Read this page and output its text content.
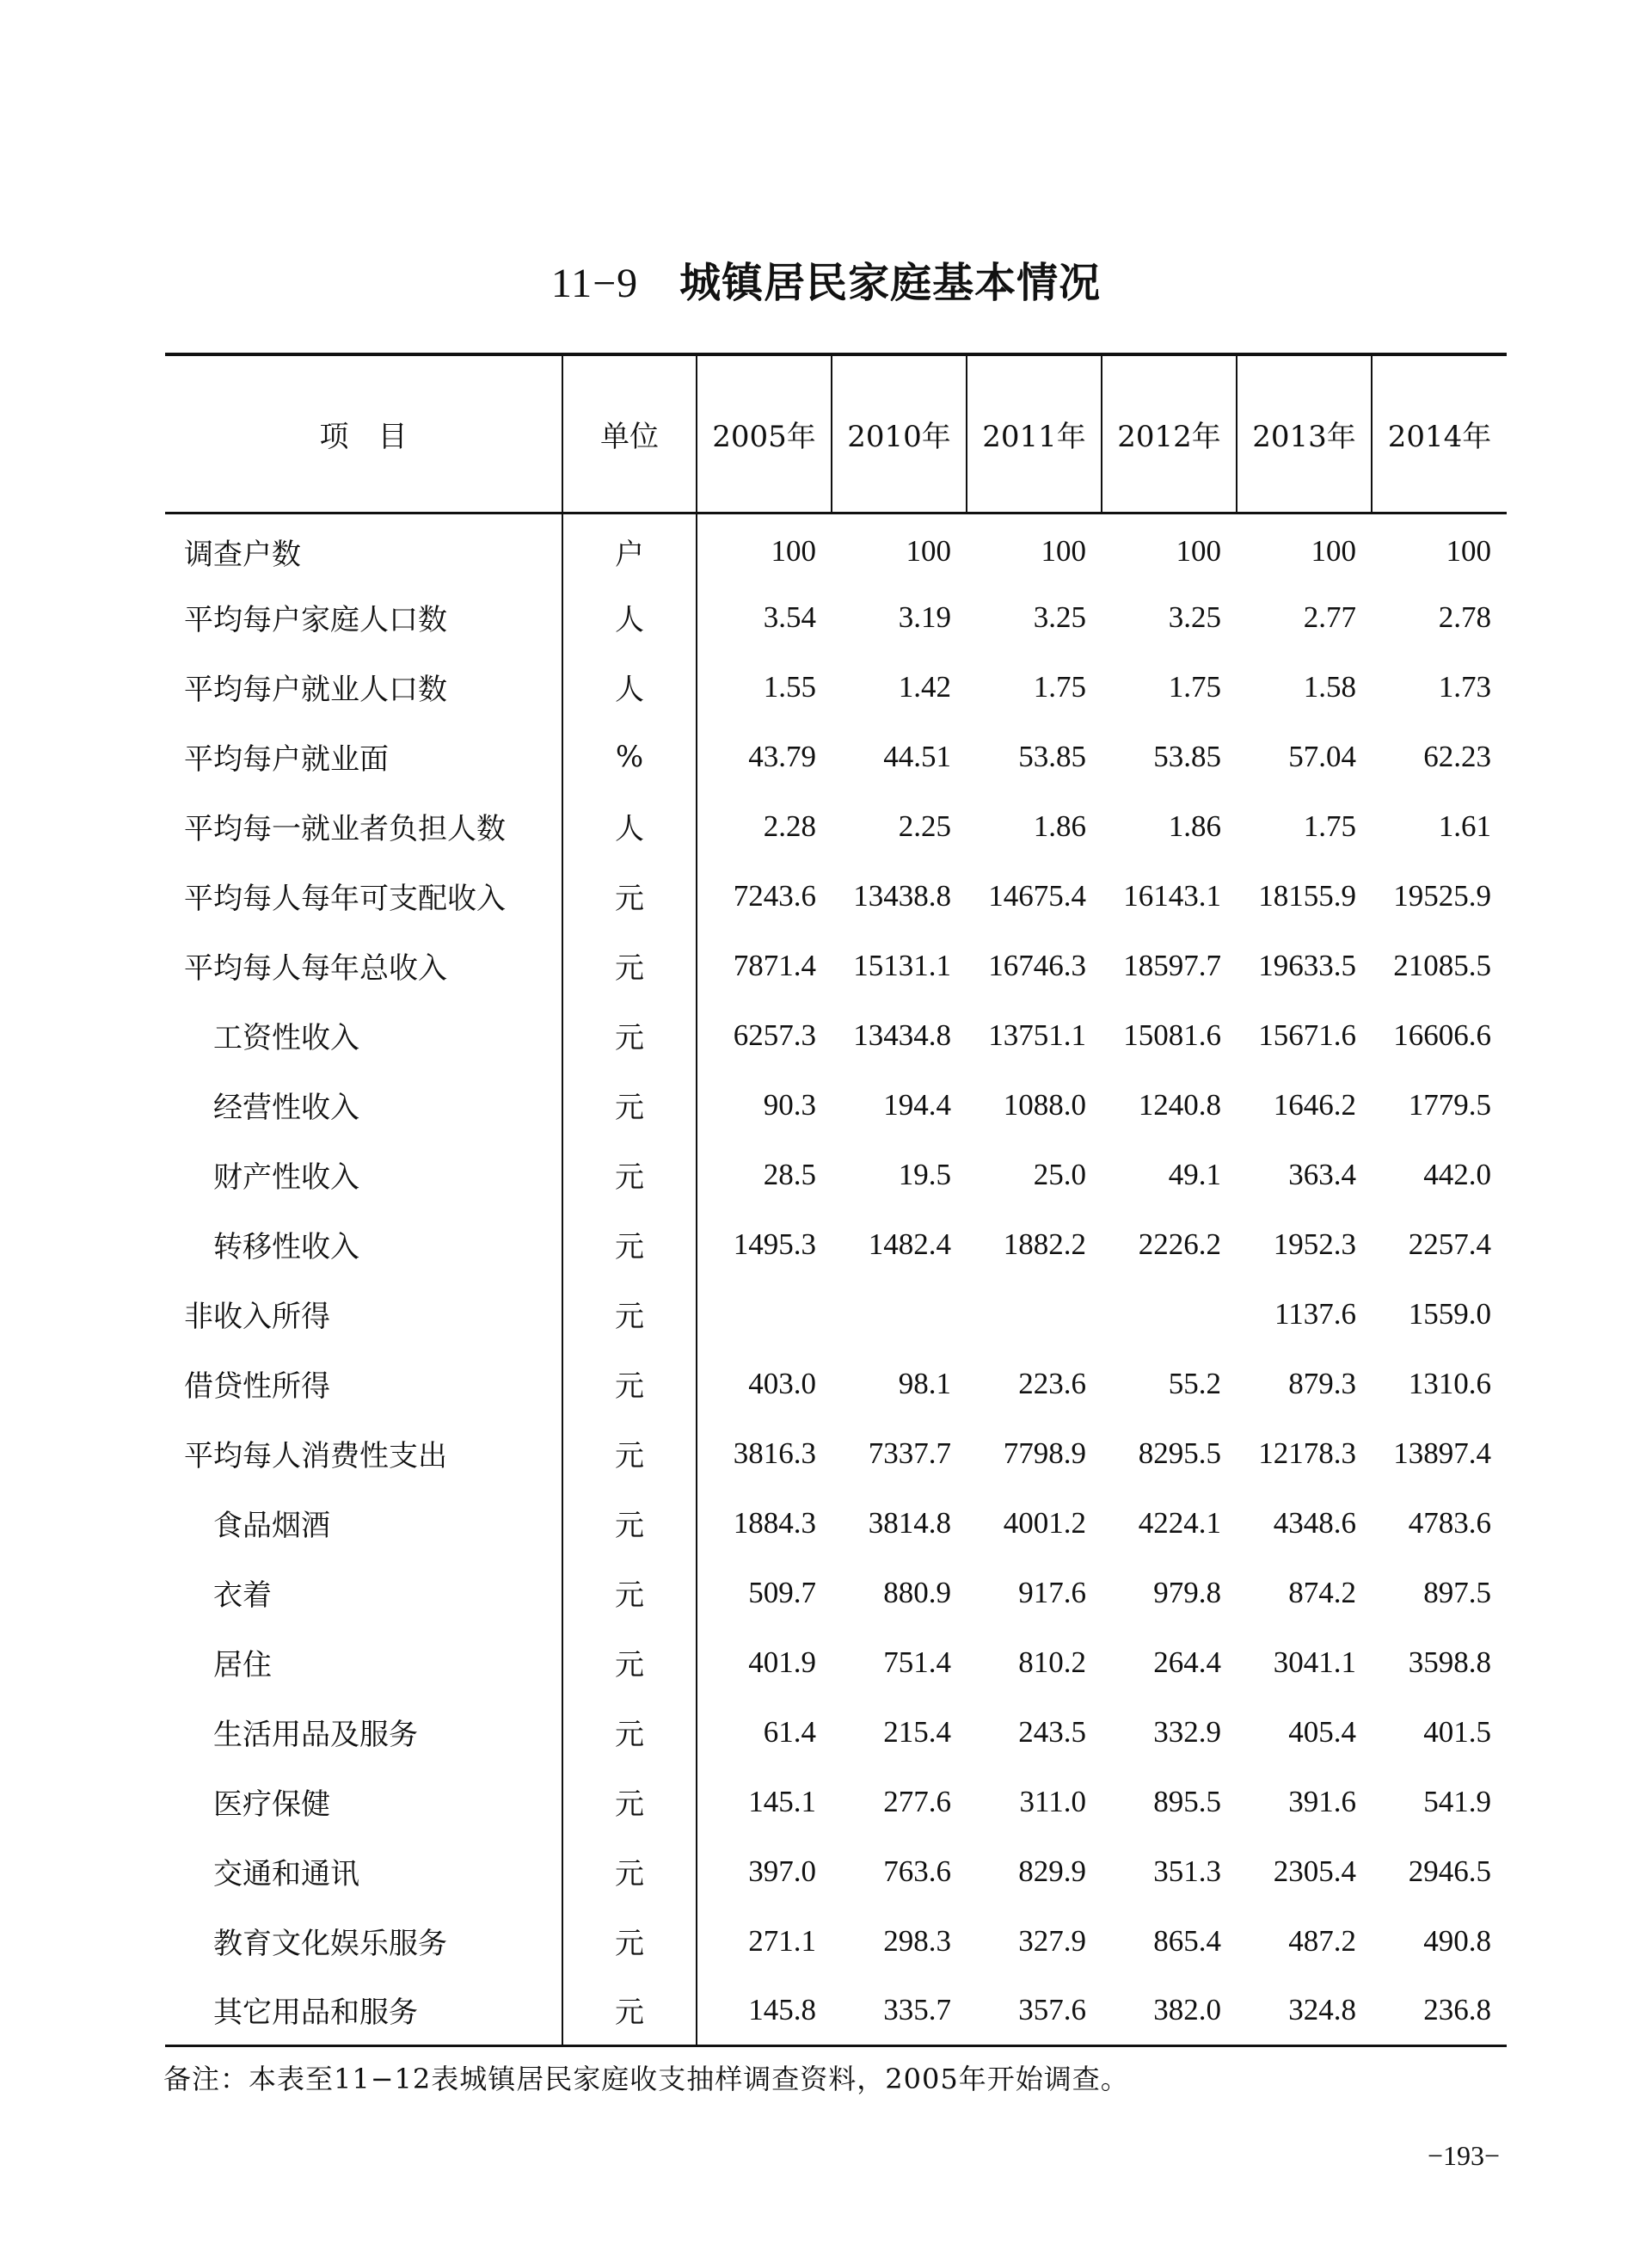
11−9 城镇居民家庭基本情况
项　目	单位	2005年	2010年	2011年	2012年	2013年	2014年
调查户数	户	100	100	100	100	100	100
平均每户家庭人口数	人	3.54	3.19	3.25	3.25	2.77	2.78
平均每户就业人口数	人	1.55	1.42	1.75	1.75	1.58	1.73
平均每户就业面	%	43.79	44.51	53.85	53.85	57.04	62.23
平均每一就业者负担人数	人	2.28	2.25	1.86	1.86	1.75	1.61
平均每人每年可支配收入	元	7243.6	13438.8	14675.4	16143.1	18155.9	19525.9
平均每人每年总收入	元	7871.4	15131.1	16746.3	18597.7	19633.5	21085.5
工资性收入	元	6257.3	13434.8	13751.1	15081.6	15671.6	16606.6
经营性收入	元	90.3	194.4	1088.0	1240.8	1646.2	1779.5
财产性收入	元	28.5	19.5	25.0	49.1	363.4	442.0
转移性收入	元	1495.3	1482.4	1882.2	2226.2	1952.3	2257.4
非收入所得	元					1137.6	1559.0
借贷性所得	元	403.0	98.1	223.6	55.2	879.3	1310.6
平均每人消费性支出	元	3816.3	7337.7	7798.9	8295.5	12178.3	13897.4
食品烟酒	元	1884.3	3814.8	4001.2	4224.1	4348.6	4783.6
衣着	元	509.7	880.9	917.6	979.8	874.2	897.5
居住	元	401.9	751.4	810.2	264.4	3041.1	3598.8
生活用品及服务	元	61.4	215.4	243.5	332.9	405.4	401.5
医疗保健	元	145.1	277.6	311.0	895.5	391.6	541.9
交通和通讯	元	397.0	763.6	829.9	351.3	2305.4	2946.5
教育文化娱乐服务	元	271.1	298.3	327.9	865.4	487.2	490.8
其它用品和服务	元	145.8	335.7	357.6	382.0	324.8	236.8
备注：本表至11−12表城镇居民家庭收支抽样调查资料，2005年开始调查。
−193−
